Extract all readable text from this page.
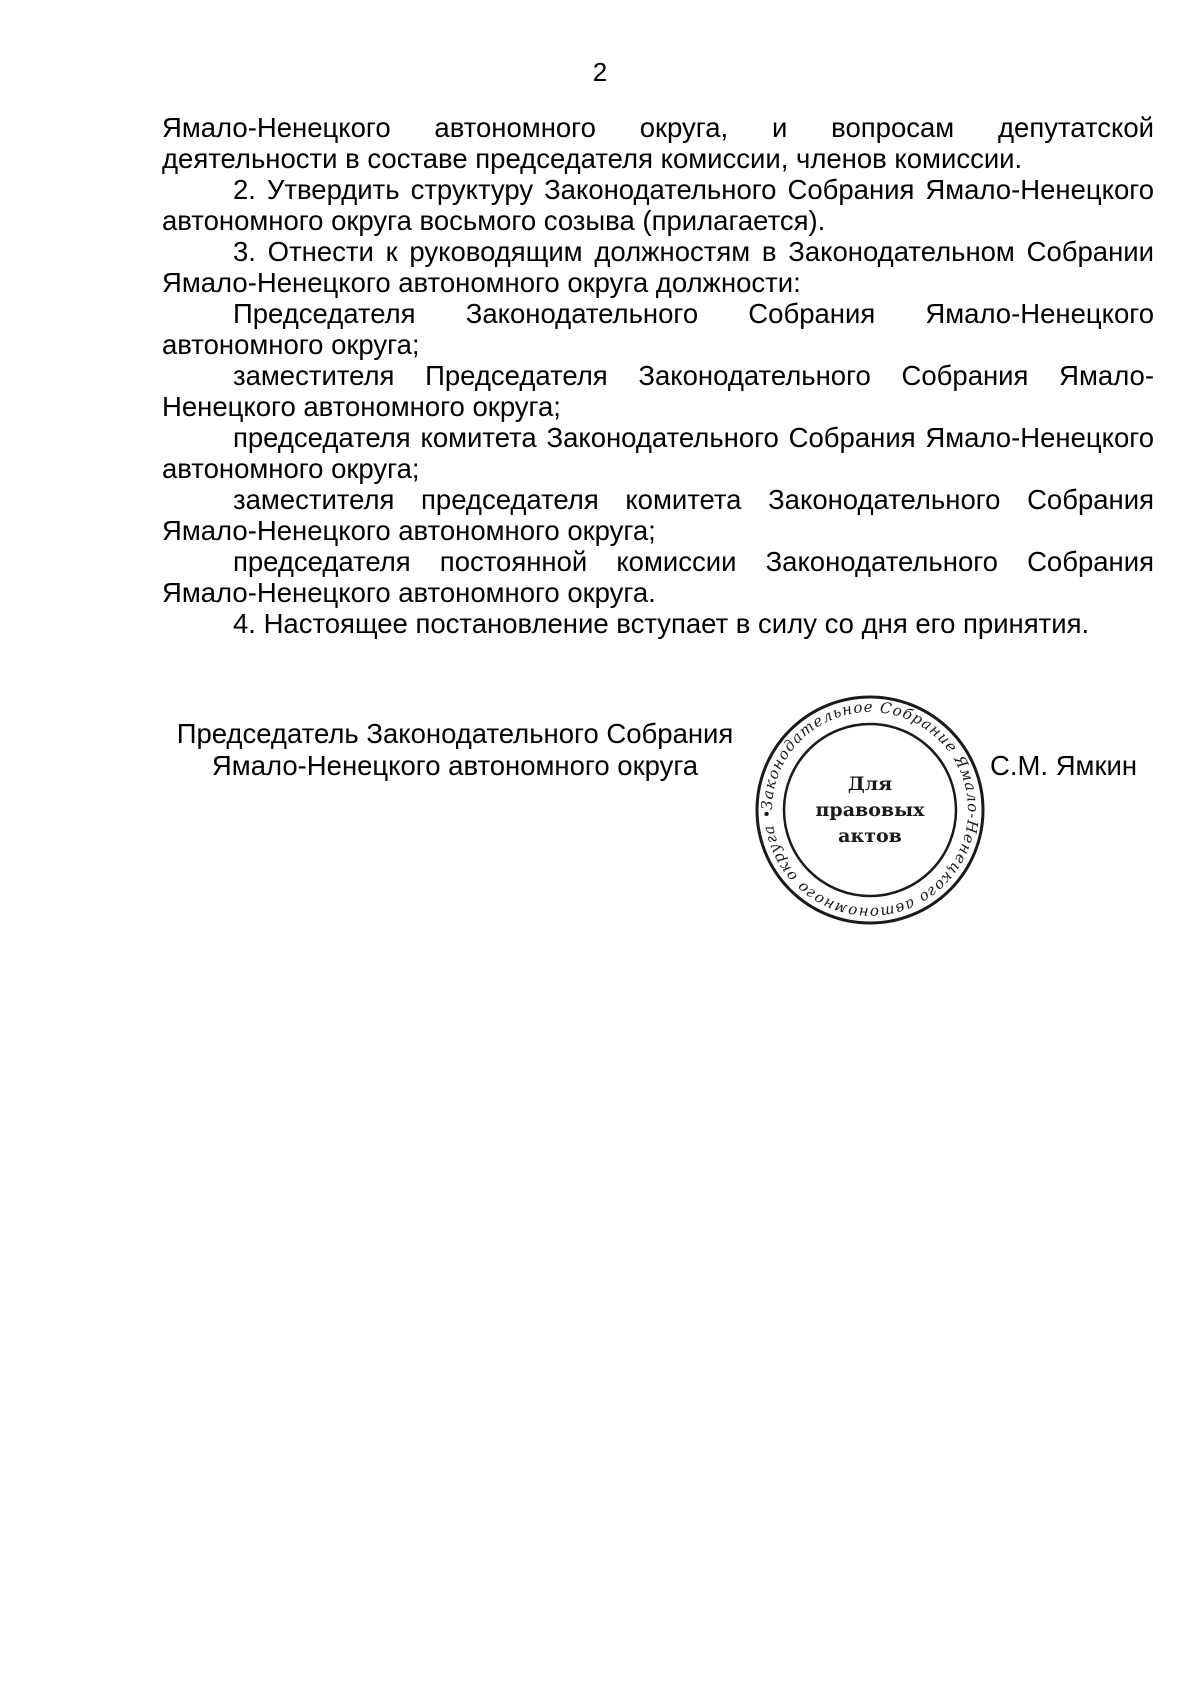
2

Ямало-Ненецкого автономного округа, и вопросам депутатской деятельности в составе председателя комиссии, членов комиссии.

2. Утвердить структуру Законодательного Собрания Ямало-Ненецкого автономного округа восьмого созыва (прилагается).

3. Отнести к руководящим должностям в Законодательном Собрании Ямало-Ненецкого автономного округа должности:

Председателя Законодательного Собрания Ямало-Ненецкого автономного округа;

заместителя Председателя Законодательного Собрания Ямало-Ненецкого автономного округа;

председателя комитета Законодательного Собрания Ямало-Ненецкого автономного округа;

заместителя председателя комитета Законодательного Собрания Ямало-Ненецкого автономного округа;

председателя постоянной комиссии Законодательного Собрания Ямало-Ненецкого автономного округа.

4. Настоящее постановление вступает в силу со дня его принятия.

Председатель Законодательного Собрания
Ямало-Ненецкого автономного округа
Законодательное Собрание Ямало-Ненецкого автономного округа •
Для
правовых
актов
С.М. Ямкин
